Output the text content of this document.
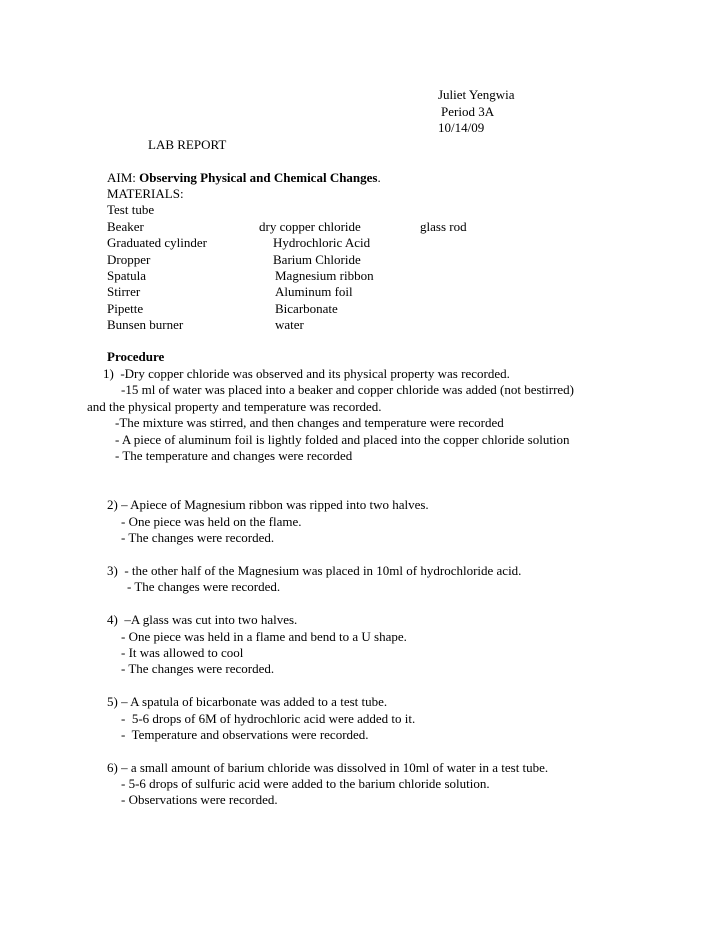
Juliet Yengwia
Period 3A
10/14/09
LAB REPORT
AIM: Observing Physical and Chemical Changes.
MATERIALS:
Test tube
Beaker
Graduated cylinder
Dropper
Spatula
Stirrer
Pipette
Bunsen burner
dry copper chloride
Hydrochloric Acid
Barium Chloride
Magnesium ribbon
Aluminum foil
Bicarbonate
water
glass rod
Procedure
1)  -Dry copper chloride was observed and its physical property was recorded.
-15 ml of water was placed into a beaker and copper chloride was added (not bestirred)
and the physical property and temperature was recorded.
-The mixture was stirred, and then changes and temperature were recorded
- A piece of aluminum foil is lightly folded and placed into the copper chloride solution
- The temperature and changes were recorded
2) – Apiece of Magnesium ribbon was ripped into two halves.
- One piece was held on the flame.
- The changes were recorded.
3)  - the other half of the Magnesium was placed in 10ml of hydrochloride acid.
- The changes were recorded.
4)  –A glass was cut into two halves.
- One piece was held in a flame and bend to a U shape.
- It was allowed to cool
- The changes were recorded.
5) – A spatula of bicarbonate was added to a test tube.
-  5-6 drops of 6M of hydrochloric acid were added to it.
-  Temperature and observations were recorded.
6) – a small amount of barium chloride was dissolved in 10ml of water in a test tube.
- 5-6 drops of sulfuric acid were added to the barium chloride solution.
- Observations were recorded.
